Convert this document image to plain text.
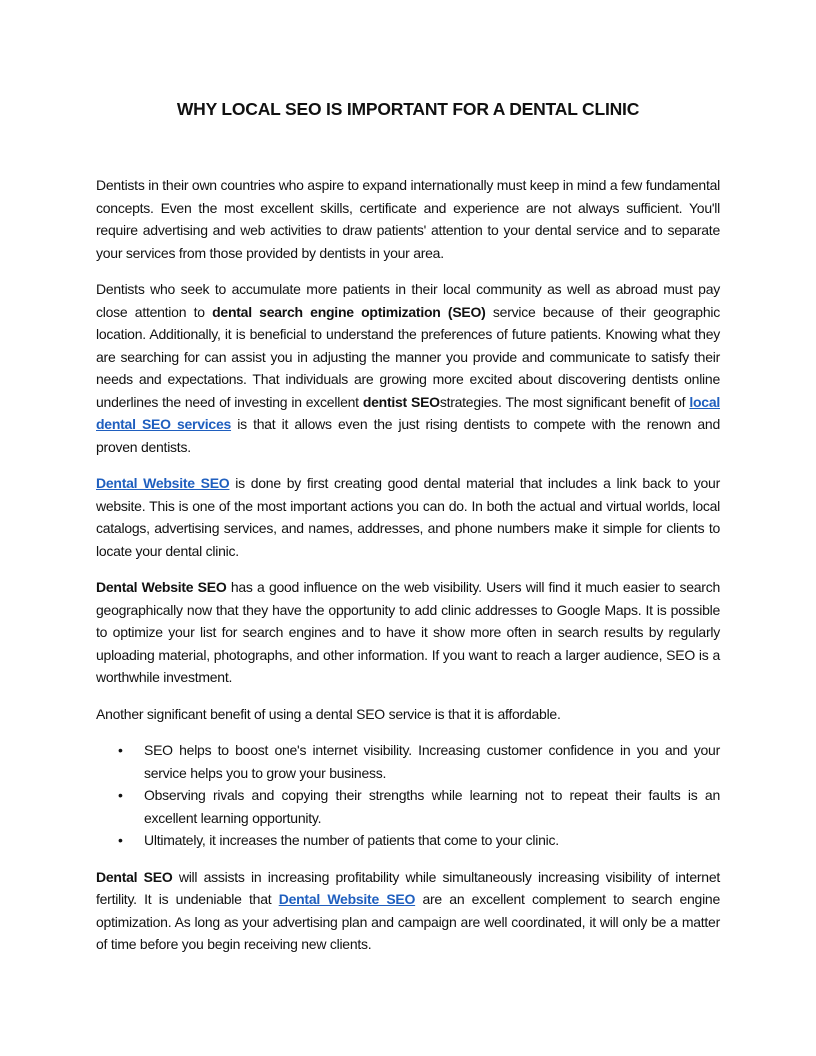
WHY LOCAL SEO IS IMPORTANT FOR A DENTAL CLINIC

Dentists in their own countries who aspire to expand internationally must keep in mind a few fundamental concepts. Even the most excellent skills, certificate and experience are not always sufficient. You'll require advertising and web activities to draw patients' attention to your dental service and to separate your services from those provided by dentists in your area.

Dentists who seek to accumulate more patients in their local community as well as abroad must pay close attention to dental search engine optimization (SEO) service because of their geographic location. Additionally, it is beneficial to understand the preferences of future patients. Knowing what they are searching for can assist you in adjusting the manner you provide and communicate to satisfy their needs and expectations. That individuals are growing more excited about discovering dentists online underlines the need of investing in excellent dentist SEOstrategies. The most significant benefit of local dental SEO services is that it allows even the just rising dentists to compete with the renown and proven dentists.

Dental Website SEO is done by first creating good dental material that includes a link back to your website. This is one of the most important actions you can do. In both the actual and virtual worlds, local catalogs, advertising services, and names, addresses, and phone numbers make it simple for clients to locate your dental clinic.

Dental Website SEO has a good influence on the web visibility. Users will find it much easier to search geographically now that they have the opportunity to add clinic addresses to Google Maps. It is possible to optimize your list for search engines and to have it show more often in search results by regularly uploading material, photographs, and other information. If you want to reach a larger audience, SEO is a worthwhile investment.

Another significant benefit of using a dental SEO service is that it is affordable.

• SEO helps to boost one's internet visibility. Increasing customer confidence in you and your service helps you to grow your business.
• Observing rivals and copying their strengths while learning not to repeat their faults is an excellent learning opportunity.
• Ultimately, it increases the number of patients that come to your clinic.

Dental SEO will assists in increasing profitability while simultaneously increasing visibility of internet fertility. It is undeniable that Dental Website SEO are an excellent complement to search engine optimization. As long as your advertising plan and campaign are well coordinated, it will only be a matter of time before you begin receiving new clients.
